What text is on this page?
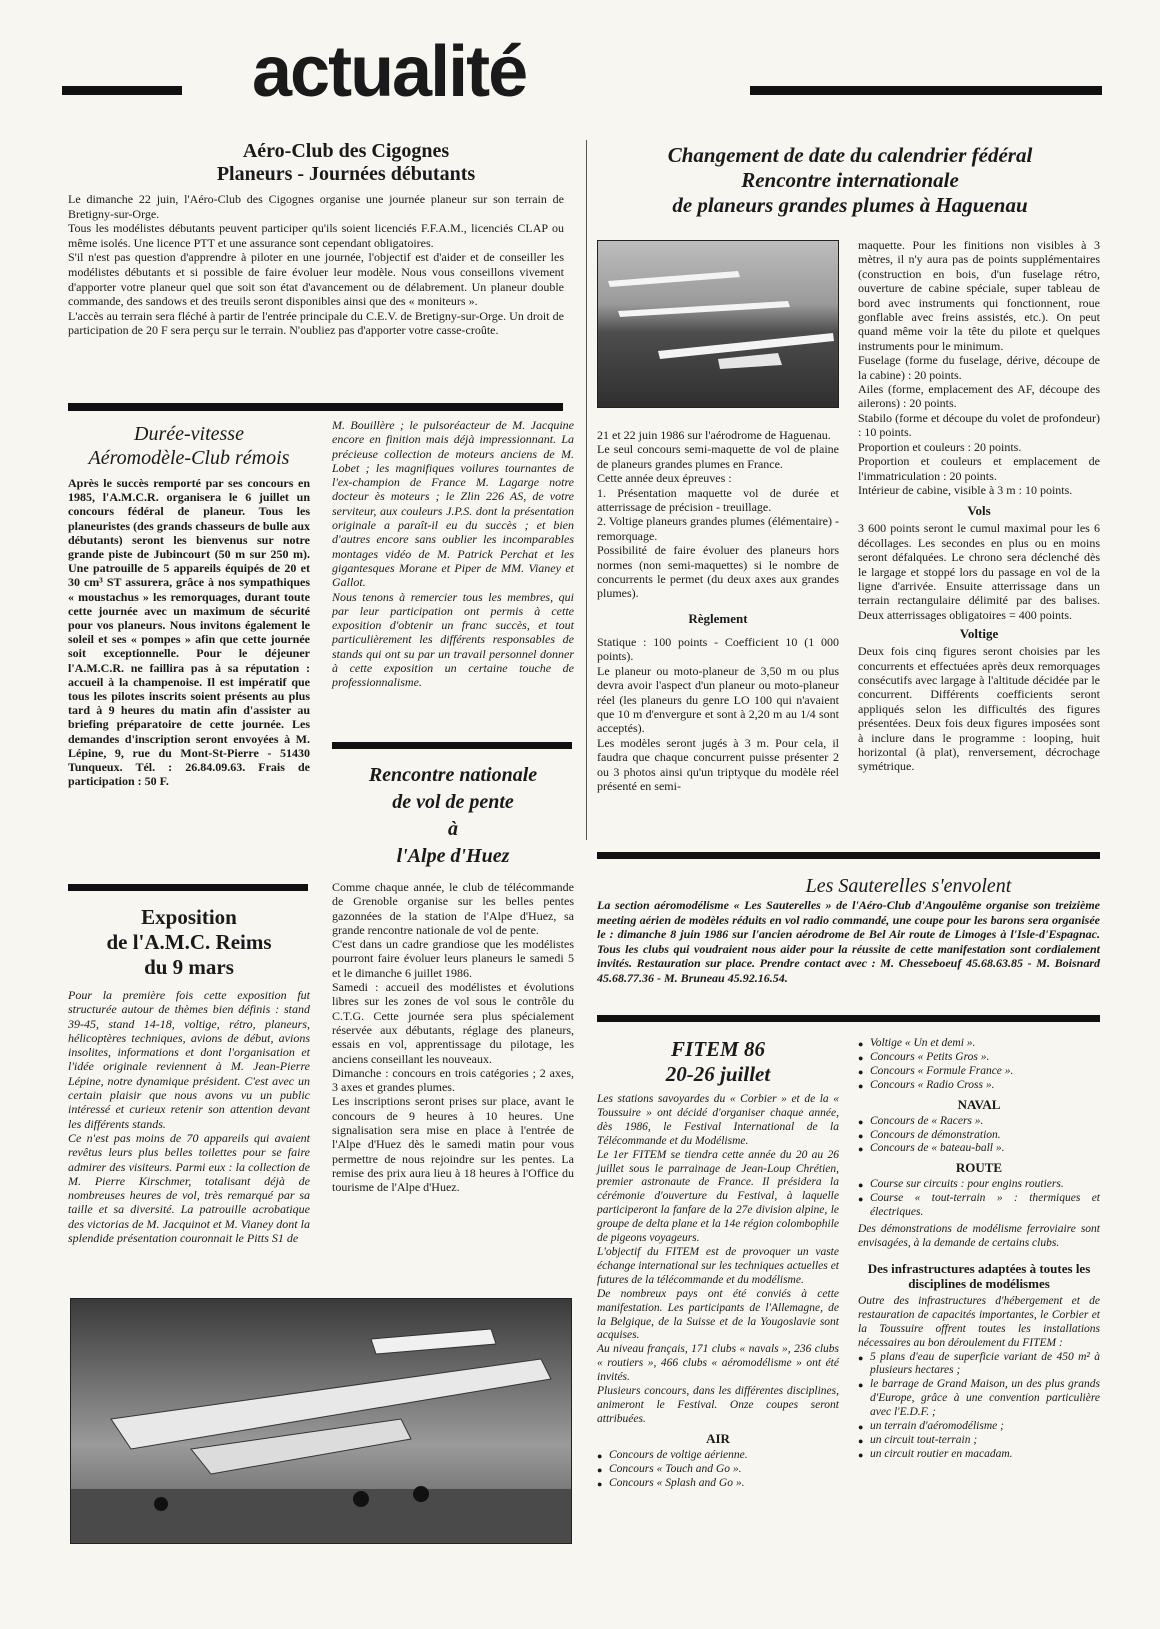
actualité
Aéro-Club des Cigognes
Planeurs - Journées débutants

Le dimanche 22 juin, l'Aéro-Club des Cigognes organise une journée planeur sur son terrain de Bretigny-sur-Orge.

Tous les modélistes débutants peuvent participer qu'ils soient licenciés F.F.A.M., licenciés CLAP ou même isolés. Une licence PTT et une assurance sont cependant obligatoires.

S'il n'est pas question d'apprendre à piloter en une journée, l'objectif est d'aider et de conseiller les modélistes débutants et si possible de faire évoluer leur modèle. Nous vous conseillons vivement d'apporter votre planeur quel que soit son état d'avancement ou de délabrement. Un planeur double commande, des sandows et des treuils seront disponibles ainsi que des « moniteurs ».

L'accès au terrain sera fléché à partir de l'entrée principale du C.E.V. de Bretigny-sur-Orge. Un droit de participation de 20 F sera perçu sur le terrain. N'oubliez pas d'apporter votre casse-croûte.

Durée-vitesse
Aéromodèle-Club rémois

Après le succès remporté par ses concours en 1985, l'A.M.C.R. organisera le 6 juillet un concours fédéral de planeur. Tous les planeuristes (des grands chasseurs de bulle aux débutants) seront les bienvenus sur notre grande piste de Jubincourt (50 m sur 250 m). Une patrouille de 5 appareils équipés de 20 et 30 cm³ ST assurera, grâce à nos sympathiques « moustachus » les remorquages, durant toute cette journée avec un maximum de sécurité pour vos planeurs. Nous invitons également le soleil et ses « pompes » afin que cette journée soit exceptionnelle. Pour le déjeuner l'A.M.C.R. ne faillira pas à sa réputation : accueil à la champenoise. Il est impératif que tous les pilotes inscrits soient présents au plus tard à 9 heures du matin afin d'assister au briefing préparatoire de cette journée. Les demandes d'inscription seront envoyées à M. Lépine, 9, rue du Mont-St-Pierre - 51430 Tunqueux. Tél. : 26.84.09.63. Frais de participation : 50 F.

Exposition
de l'A.M.C. Reims
du 9 mars

Pour la première fois cette exposition fut structurée autour de thèmes bien définis : stand 39-45, stand 14-18, voltige, rétro, planeurs, hélicoptères techniques, avions de début, avions insolites, informations et dont l'organisation et l'idée originale reviennent à M. Jean-Pierre Lépine, notre dynamique président. C'est avec un certain plaisir que nous avons vu un public intéressé et curieux retenir son attention devant les différents stands.

Ce n'est pas moins de 70 appareils qui avaient revêtus leurs plus belles toilettes pour se faire admirer des visiteurs. Parmi eux : la collection de M. Pierre Kirschmer, totalisant déjà de nombreuses heures de vol, très remarqué par sa taille et sa diversité. La patrouille acrobatique des victorias de M. Jacquinot et M. Vianey dont la splendide présentation couronnait le Pitts S1 de

M. Bouillère ; le pulsoréacteur de M. Jacquine encore en finition mais déjà impressionnant. La précieuse collection de moteurs anciens de M. Lobet ; les magnifiques voilures tournantes de l'ex-champion de France M. Lagarge notre docteur ès moteurs ; le Zlin 226 AS, de votre serviteur, aux couleurs J.P.S. dont la présentation originale a paraît-il eu du succès ; et bien d'autres encore sans oublier les incomparables montages vidéo de M. Patrick Perchat et les gigantesques Morane et Piper de MM. Vianey et Gallot.

Nous tenons à remercier tous les membres, qui par leur participation ont permis à cette exposition d'obtenir un franc succès, et tout particulièrement les différents responsables de stands qui ont su par un travail personnel donner à cette exposition un certaine touche de professionnalisme.

Rencontre nationale
de vol de pente
à
l'Alpe d'Huez

Comme chaque année, le club de télécommande de Grenoble organise sur les belles pentes gazonnées de la station de l'Alpe d'Huez, sa grande rencontre nationale de vol de pente.

C'est dans un cadre grandiose que les modélistes pourront faire évoluer leurs planeurs le samedi 5 et le dimanche 6 juillet 1986.

Samedi : accueil des modélistes et évolutions libres sur les zones de vol sous le contrôle du C.T.G. Cette journée sera plus spécialement réservée aux débutants, réglage des planeurs, essais en vol, apprentissage du pilotage, les anciens conseillant les nouveaux.

Dimanche : concours en trois catégories ; 2 axes, 3 axes et grandes plumes.

Les inscriptions seront prises sur place, avant le concours de 9 heures à 10 heures. Une signalisation sera mise en place à l'entrée de l'Alpe d'Huez dès le samedi matin pour vous permettre de nous rejoindre sur les pentes. La remise des prix aura lieu à 18 heures à l'Office du tourisme de l'Alpe d'Huez.

Changement de date du calendrier fédéral
Rencontre internationale
de planeurs grandes plumes à Haguenau

21 et 22 juin 1986 sur l'aérodrome de Haguenau.

Le seul concours semi-maquette de vol de plaine de planeurs grandes plumes en France.

Cette année deux épreuves :

1. Présentation maquette vol de durée et atterrissage de précision - treuillage.

2. Voltige planeurs grandes plumes (élémentaire) - remorquage.

Possibilité de faire évoluer des planeurs hors normes (non semi-maquettes) si le nombre de concurrents le permet (du deux axes aux grandes plumes).

Règlement

Statique : 100 points - Coefficient 10 (1 000 points).

Le planeur ou moto-planeur de 3,50 m ou plus devra avoir l'aspect d'un planeur ou moto-planeur réel (les planeurs du genre LO 100 qui n'avaient que 10 m d'envergure et sont à 2,20 m au 1/4 sont acceptés).

Les modèles seront jugés à 3 m. Pour cela, il faudra que chaque concurrent puisse présenter 2 ou 3 photos ainsi qu'un triptyque du modèle réel présenté en semi-

maquette. Pour les finitions non visibles à 3 mètres, il n'y aura pas de points supplémentaires (construction en bois, d'un fuselage rétro, ouverture de cabine spéciale, super tableau de bord avec instruments qui fonctionnent, roue gonflable avec freins assistés, etc.). On peut quand même voir la tête du pilote et quelques instruments pour le minimum.

Fuselage (forme du fuselage, dérive, découpe de la cabine) : 20 points.

Ailes (forme, emplacement des AF, découpe des ailerons) : 20 points.

Stabilo (forme et découpe du volet de profondeur) : 10 points.

Proportion et couleurs : 20 points.

Proportion et couleurs et emplacement de l'immatriculation : 20 points.

Intérieur de cabine, visible à 3 m : 10 points.

Vols

3 600 points seront le cumul maximal pour les 6 décollages. Les secondes en plus ou en moins seront défalquées. Le chrono sera déclenché dès le largage et stoppé lors du passage en vol de la ligne d'arrivée. Ensuite atterrissage dans un terrain rectangulaire délimité par des balises. Deux atterrissages obligatoires = 400 points.

Voltige

Deux fois cinq figures seront choisies par les concurrents et effectuées après deux remorquages consécutifs avec largage à l'altitude décidée par le concurrent. Différents coefficients seront appliqués selon les difficultés des figures présentées. Deux fois deux figures imposées sont à inclure dans le programme : looping, huit horizontal (à plat), renversement, décrochage symétrique.

Les Sauterelles s'envolent

La section aéromodélisme « Les Sauterelles » de l'Aéro-Club d'Angoulême organise son treizième meeting aérien de modèles réduits en vol radio commandé, une coupe pour les barons sera organisée le : dimanche 8 juin 1986 sur l'ancien aérodrome de Bel Air route de Limoges à l'Isle-d'Espagnac. Tous les clubs qui voudraient nous aider pour la réussite de cette manifestation sont cordialement invités. Restauration sur place. Prendre contact avec : M. Chesseboeuf 45.68.63.85 - M. Boisnard 45.68.77.36 - M. Bruneau 45.92.16.54.

FITEM 86
20-26 juillet

Les stations savoyardes du « Corbier » et de la « Toussuire » ont décidé d'organiser chaque année, dès 1986, le Festival International de la Télécommande et du Modélisme.

Le 1er FITEM se tiendra cette année du 20 au 26 juillet sous le parrainage de Jean-Loup Chrétien, premier astronaute de France. Il présidera la cérémonie d'ouverture du Festival, à laquelle participeront la fanfare de la 27e division alpine, le groupe de delta plane et la 14e région colombophile de pigeons voyageurs.

L'objectif du FITEM est de provoquer un vaste échange international sur les techniques actuelles et futures de la télécommande et du modélisme.

De nombreux pays ont été conviés à cette manifestation. Les participants de l'Allemagne, de la Belgique, de la Suisse et de la Yougoslavie sont acquises.

Au niveau français, 171 clubs « navals », 236 clubs « routiers », 466 clubs « aéromodélisme » ont été invités.

Plusieurs concours, dans les différentes disciplines, animeront le Festival. Onze coupes seront attribuées.

AIR
● Concours de voltige aérienne.
● Concours « Touch and Go ».
● Concours « Splash and Go ».
● Voltige « Un et demi ».
● Concours « Petits Gros ».
● Concours « Formule France ».
● Concours « Radio Cross ».
NAVAL
● Concours de « Racers ».
● Concours de démonstration.
● Concours de « bateau-ball ».
ROUTE
● Course sur circuits : pour engins routiers.
● Course « tout-terrain » : thermiques et électriques.

Des démonstrations de modélisme ferroviaire sont envisagées, à la demande de certains clubs.

Des infrastructures adaptées à toutes les disciplines de modélismes

Outre des infrastructures d'hébergement et de restauration de capacités importantes, le Corbier et la Toussuire offrent toutes les installations nécessaires au bon déroulement du FITEM :

● 5 plans d'eau de superficie variant de 450 m² à plusieurs hectares ;
● le barrage de Grand Maison, un des plus grands d'Europe, grâce à une convention particulière avec l'E.D.F. ;
● un terrain d'aéromodélisme ;
● un circuit tout-terrain ;
● un circuit routier en macadam.
